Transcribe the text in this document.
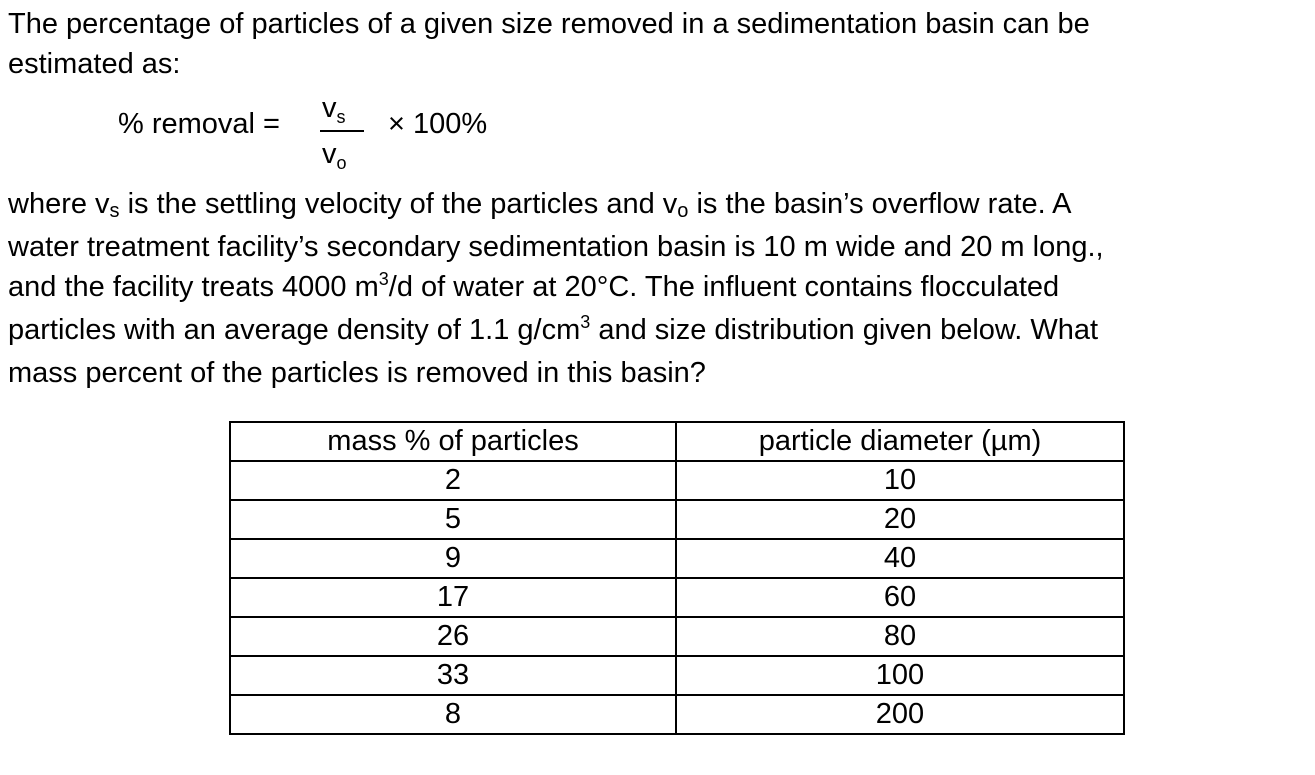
The percentage of particles of a given size removed in a sedimentation basin can be
estimated as:
% removal = $v_s$
$v_o$
× 100%
where vs is the settling velocity of the particles and vo is the basin’s overflow rate. A
water treatment facility’s secondary sedimentation basin is 10 m wide and 20 m long.,
and the facility treats 4000 $m^3/d$ of water at 20°C. The influent contains flocculated
particles with an average density of 1.1 $g/cm^3$ and size distribution given below. What
mass percent of the particles is removed in this basin?
mass % of particles	particle diameter (µm)
2	10
5	20
9	40
17	60
26	80
33	100
8	200
